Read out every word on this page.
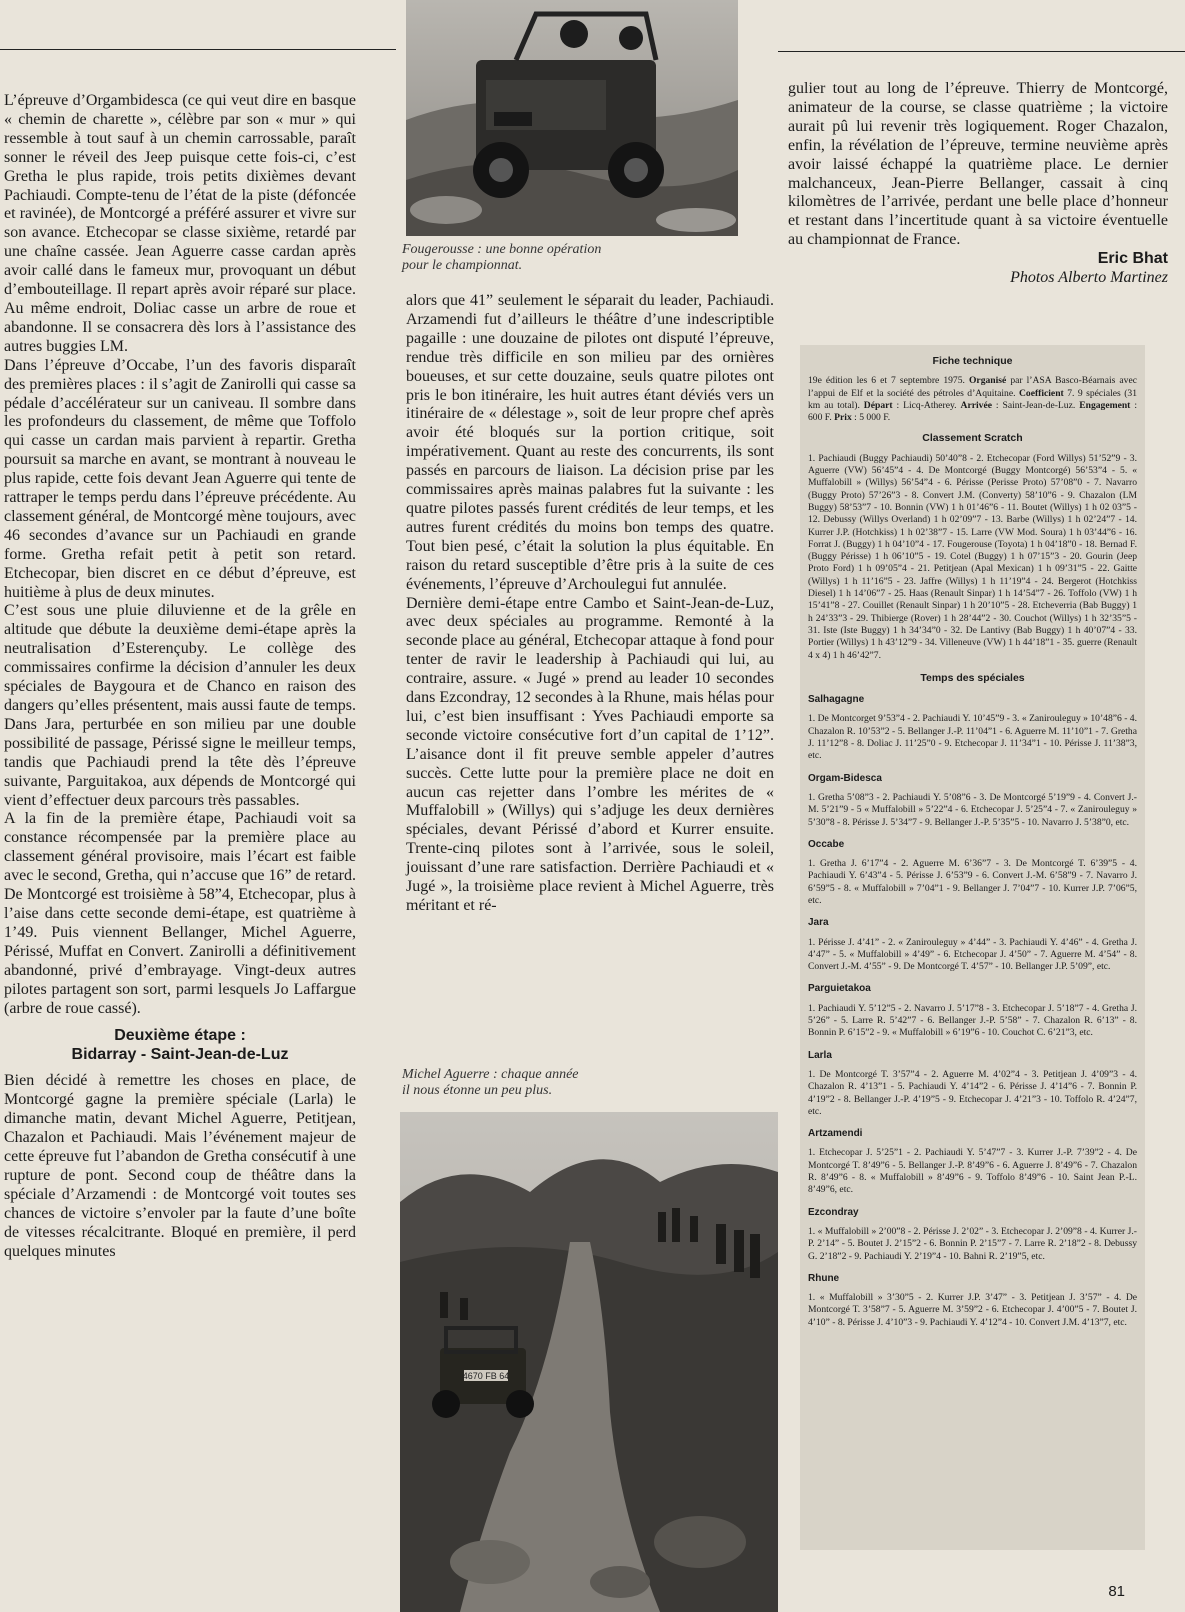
Fougerousse : une bonne opération
pour le championnat.

L’épreuve d’Orgambidesca (ce qui veut dire en basque « chemin de charette », célèbre par son « mur » qui ressemble à tout sauf à un chemin carrossable, paraît sonner le réveil des Jeep puisque cette fois-ci, c’est Gretha le plus rapide, trois petits dixièmes devant Pachiaudi. Compte-tenu de l’état de la piste (défoncée et ravinée), de Montcorgé a préféré assurer et vivre sur son avance. Etchecopar se classe sixième, retardé par une chaîne cassée. Jean Aguerre casse cardan après avoir callé dans le fameux mur, provoquant un début d’embouteillage. Il repart après avoir réparé sur place. Au même endroit, Doliac casse un arbre de roue et abandonne. Il se consacrera dès lors à l’assistance des autres buggies LM.

Dans l’épreuve d’Occabe, l’un des favoris disparaît des premières places : il s’agit de Zanirolli qui casse sa pédale d’accélérateur sur un caniveau. Il sombre dans les profondeurs du classement, de même que Toffolo qui casse un cardan mais parvient à repartir. Gretha poursuit sa marche en avant, se montrant à nouveau le plus rapide, cette fois devant Jean Aguerre qui tente de rattraper le temps perdu dans l’épreuve précédente. Au classement général, de Montcorgé mène toujours, avec 46 secondes d’avance sur un Pachiaudi en grande forme. Gretha refait petit à petit son retard. Etchecopar, bien discret en ce début d’épreuve, est huitième à plus de deux minutes.

C’est sous une pluie diluvienne et de la grêle en altitude que débute la deuxième demi-étape après la neutralisation d’Esterençuby. Le collège des commissaires confirme la décision d’annuler les deux spéciales de Baygoura et de Chanco en raison des dangers qu’elles présentent, mais aussi faute de temps. Dans Jara, perturbée en son milieu par une double possibilité de passage, Périssé signe le meilleur temps, tandis que Pachiaudi prend la tête dès l’épreuve suivante, Parguitakoa, aux dépends de Montcorgé qui vient d’effectuer deux parcours très passables.

A la fin de la première étape, Pachiaudi voit sa constance récompensée par la première place au classement général provisoire, mais l’écart est faible avec le second, Gretha, qui n’accuse que 16” de retard. De Montcorgé est troisième à 58”4, Etchecopar, plus à l’aise dans cette seconde demi-étape, est quatrième à 1’49. Puis viennent Bellanger, Michel Aguerre, Périssé, Muffat en Convert. Zanirolli a définitivement abandonné, privé d’embrayage. Vingt-deux autres pilotes partagent son sort, parmi lesquels Jo Laffargue (arbre de roue cassé).

Deuxième étape :
Bidarray - Saint-Jean-de-Luz

Bien décidé à remettre les choses en place, de Montcorgé gagne la première spéciale (Larla) le dimanche matin, devant Michel Aguerre, Petitjean, Chazalon et Pachiaudi. Mais l’événement majeur de cette épreuve fut l’abandon de Gretha consécutif à une rupture de pont. Second coup de théâtre dans la spéciale d’Arzamendi : de Montcorgé voit toutes ses chances de victoire s’envoler par la faute d’une boîte de vitesses récalcitrante. Bloqué en première, il perd quelques minutes

alors que 41” seulement le séparait du leader, Pachiaudi. Arzamendi fut d’ailleurs le théâtre d’une indescriptible pagaille : une douzaine de pilotes ont disputé l’épreuve, rendue très difficile en son milieu par des ornières boueuses, et sur cette douzaine, seuls quatre pilotes ont pris le bon itinéraire, les huit autres étant déviés vers un itinéraire de « délestage », soit de leur propre chef après avoir été bloqués sur la portion critique, soit impérativement. Quant au reste des concurrents, ils sont passés en parcours de liaison. La décision prise par les commissaires après mainas palabres fut la suivante : les quatre pilotes passés furent crédités de leur temps, et les autres furent crédités du moins bon temps des quatre. Tout bien pesé, c’était la solution la plus équitable. En raison du retard susceptible d’être pris à la suite de ces événements, l’épreuve d’Archoulegui fut annulée.

Dernière demi-étape entre Cambo et Saint-Jean-de-Luz, avec deux spéciales au programme. Remonté à la seconde place au général, Etchecopar attaque à fond pour tenter de ravir le leadership à Pachiaudi qui lui, au contraire, assure. « Jugé » prend au leader 10 secondes dans Ezcondray, 12 secondes à la Rhune, mais hélas pour lui, c’est bien insuffisant : Yves Pachiaudi emporte sa seconde victoire consécutive fort d’un capital de 1’12”. L’aisance dont il fit preuve semble appeler d’autres succès. Cette lutte pour la première place ne doit en aucun cas rejetter dans l’ombre les mérites de « Muffalobill » (Willys) qui s’adjuge les deux dernières spéciales, devant Périssé d’abord et Kurrer ensuite. Trente-cinq pilotes sont à l’arrivée, sous le soleil, jouissant d’une rare satisfaction. Derrière Pachiaudi et « Jugé », la troisième place revient à Michel Aguerre, très méritant et ré-

Michel Aguerre : chaque année
il nous étonne un peu plus.
4670 FB 64

gulier tout au long de l’épreuve. Thierry de Montcorgé, animateur de la course, se classe quatrième ; la victoire aurait pû lui revenir très logiquement. Roger Chazalon, enfin, la révélation de l’épreuve, termine neuvième après avoir laissé échappé la quatrième place. Le dernier malchanceux, Jean-Pierre Bellanger, cassait à cinq kilomètres de l’arrivée, perdant une belle place d’honneur et restant dans l’incertitude quant à sa victoire éventuelle au championnat de France.

Eric Bhat

Photos Alberto Martinez

Fiche technique

19e édition les 6 et 7 septembre 1975. Organisé par l’ASA Basco-Béarnais avec l’appui de Elf et la société des pétroles d’Aquitaine. Coefficient 7. 9 spéciales (31 km au total). Départ : Licq-Atherey. Arrivée : Saint-Jean-de-Luz. Engagement : 600 F. Prix : 5 000 F.

Classement Scratch

1. Pachiaudi (Buggy Pachiaudi) 50’40”8 - 2. Etchecopar (Ford Willys) 51’52”9 - 3. Aguerre (VW) 56’45”4 - 4. De Montcorgé (Buggy Montcorgé) 56’53”4 - 5. « Muffalobill » (Willys) 56’54”4 - 6. Périsse (Perisse Proto) 57’08”0 - 7. Navarro (Buggy Proto) 57’26”3 - 8. Convert J.M. (Converty) 58’10”6 - 9. Chazalon (LM Buggy) 58’53”7 - 10. Bonnin (VW) 1 h 01’46”6 - 11. Boutet (Willys) 1 h 02 03”5 - 12. Debussy (Willys Overland) 1 h 02’09”7 - 13. Barbe (Willys) 1 h 02’24”7 - 14. Kurrer J.P. (Hotchkiss) 1 h 02’38”7 - 15. Larre (VW Mod. Soura) 1 h 03’44”6 - 16. Forrat J. (Buggy) 1 h 04’10”4 - 17. Fougerouse (Toyota) 1 h 04’18”0 - 18. Bernad F. (Buggy Périsse) 1 h 06’10”5 - 19. Cotel (Buggy) 1 h 07’15”3 - 20. Gourin (Jeep Proto Ford) 1 h 09’05”4 - 21. Petitjean (Apal Mexican) 1 h 09’31”5 - 22. Gaitte (Willys) 1 h 11’16”5 - 23. Jaffre (Willys) 1 h 11’19”4 - 24. Bergerot (Hotchkiss Diesel) 1 h 14’06”7 - 25. Haas (Renault Sinpar) 1 h 14’54”7 - 26. Toffolo (VW) 1 h 15’41”8 - 27. Couillet (Renault Sinpar) 1 h 20’10”5 - 28. Etcheverria (Bab Buggy) 1 h 24’33”3 - 29. Thibierge (Rover) 1 h 28’44”2 - 30. Couchot (Willys) 1 h 32’35”5 - 31. Iste (Iste Buggy) 1 h 34’34”0 - 32. De Lantivy (Bab Buggy) 1 h 40’07”4 - 33. Portier (Willys) 1 h 43’12”9 - 34. Villeneuve (VW) 1 h 44’18”1 - 35. guerre (Renault 4 x 4) 1 h 46’42”7.

Temps des spéciales
Salhagagne

1. De Montcorget 9’53”4 - 2. Pachiaudi Y. 10’45”9 - 3. « Zanirouleguy » 10’48”6 - 4. Chazalon R. 10’53”2 - 5. Bellanger J.-P. 11’04”1 - 6. Aguerre M. 11’10”1 - 7. Gretha J. 11’12”8 - 8. Doliac J. 11’25”0 - 9. Etchecopar J. 11’34”1 - 10. Périsse J. 11’38”3, etc.

Orgam-Bidesca

1. Gretha 5’08”3 - 2. Pachiaudi Y. 5’08”6 - 3. De Montcorgé 5’19”9 - 4. Convert J.-M. 5’21”9 - 5 « Muffalobill » 5’22”4 - 6. Etchecopar J. 5’25”4 - 7. « Zanirouleguy » 5’30”8 - 8. Périsse J. 5’34”7 - 9. Bellanger J.-P. 5’35”5 - 10. Navarro J. 5’38”0, etc.

Occabe

1. Gretha J. 6’17”4 - 2. Aguerre M. 6’36”7 - 3. De Montcorgé T. 6’39”5 - 4. Pachiaudi Y. 6’43”4 - 5. Périsse J. 6’53”9 - 6. Convert J.-M. 6’58”9 - 7. Navarro J. 6’59”5 - 8. « Muffalobill » 7’04”1 - 9. Bellanger J. 7’04”7 - 10. Kurrer J.P. 7’06”5, etc.

Jara

1. Périsse J. 4’41” - 2. « Zanirouleguy » 4’44” - 3. Pachiaudi Y. 4’46” - 4. Gretha J. 4’47” - 5. « Muffalobill » 4’49” - 6. Etchecopar J. 4’50” - 7. Aguerre M. 4’54” - 8. Convert J.-M. 4’55” - 9. De Montcorgé T. 4’57” - 10. Bellanger J.P. 5’09”, etc.

Parguietakoa

1. Pachiaudi Y. 5’12”5 - 2. Navarro J. 5’17”8 - 3. Etchecopar J. 5’18”7 - 4. Gretha J. 5’26” - 5. Larre R. 5’42”7 - 6. Bellanger J.-P. 5’58” - 7. Chazalon R. 6’13” - 8. Bonnin P. 6’15”2 - 9. « Muffalobill » 6’19”6 - 10. Couchot C. 6’21”3, etc.

Larla

1. De Montcorgé T. 3’57”4 - 2. Aguerre M. 4’02”4 - 3. Petitjean J. 4’09”3 - 4. Chazalon R. 4’13”1 - 5. Pachiaudi Y. 4’14”2 - 6. Périsse J. 4’14”6 - 7. Bonnin P. 4’19”2 - 8. Bellanger J.-P. 4’19”5 - 9. Etchecopar J. 4’21”3 - 10. Toffolo R. 4’24”7, etc.

Artzamendi

1. Etchecopar J. 5’25”1 - 2. Pachiaudi Y. 5’47”7 - 3. Kurrer J.-P. 7’39”2 - 4. De Montcorgé T. 8’49”6 - 5. Bellanger J.-P. 8’49”6 - 6. Aguerre J. 8’49”6 - 7. Chazalon R. 8’49”6 - 8. « Muffalobill » 8’49”6 - 9. Toffolo 8’49”6 - 10. Saint Jean P.-L. 8’49”6, etc.

Ezcondray

1. « Muffalobill » 2’00”8 - 2. Périsse J. 2’02” - 3. Etchecopar J. 2’09”8 - 4. Kurrer J.-P. 2’14” - 5. Boutet J. 2’15”2 - 6. Bonnin P. 2’15”7 - 7. Larre R. 2’18”2 - 8. Debussy G. 2’18”2 - 9. Pachiaudi Y. 2’19”4 - 10. Bahni R. 2’19”5, etc.

Rhune

1. « Muffalobill » 3’30”5 - 2. Kurrer J.P. 3’47” - 3. Petitjean J. 3’57” - 4. De Montcorgé T. 3’58”7 - 5. Aguerre M. 3’59”2 - 6. Etchecopar J. 4’00”5 - 7. Boutet J. 4’10” - 8. Périsse J. 4’10”3 - 9. Pachiaudi Y. 4’12”4 - 10. Convert J.M. 4’13”7, etc.

81
